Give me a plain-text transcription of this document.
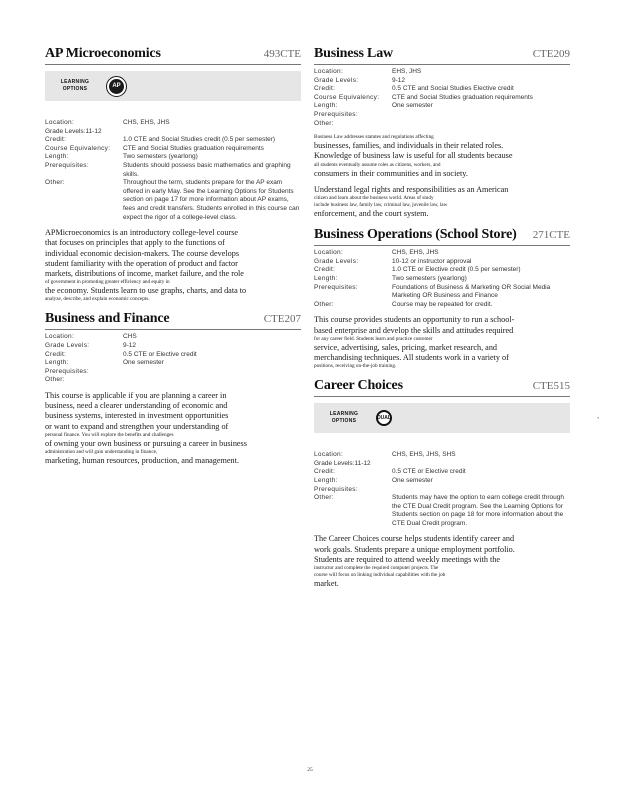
AP Microeconomics	493CTE
LEARNING
OPTIONS	AP
Location:	CHS, EHS, JHS
Grade Levels: 11-12
Credit:	1.0 CTE and Social Studies credit (0.5 per semester)
Course Equivalency:	CTE and Social Studies graduation requirements
Length:	Two semesters (yearlong)
Prerequisites:	Students should possess basic mathematics and graphing skills.
Other:	Throughout the term, students prepare for the AP exam offered in early May. See the Learning Options for Students section on page 17 for more information about AP exams, fees and credit transfers. Students enrolled in this course can expect the rigor of a college-level class.
APMicroeconomics is an introductory college-level course
that focuses on principles that apply to the functions of
individual economic decision-makers. The course develops
student familiarity with the operation of product and factor
markets, distributions of income, market failure, and the role
of government in promoting greater efficiency and equity in
the economy. Students learn to use graphs, charts, and data to
analyze, describe, and explain economic concepts.
Business and Finance	CTE207
Location:	CHS
Grade Levels:	9-12
Credit:	0.5 CTE or Elective credit
Length:	One semester
Prerequisites:
Other:
This course is applicable if you are planning a career in
business, need a clearer understanding of economic and
business systems, interested in investment opportunities
or want to expand and strengthen your understanding of
personal finance. You will explore the benefits and challenges
of owning your own business or pursuing a career in business
administration and will gain understanding in finance,
marketing, human resources, production, and management.
Business Law	CTE209
Location:	EHS, JHS
Grade Levels:	9-12
Credit:	0.5 CTE and Social Studies Elective credit
Course Equivalency:	CTE and Social Studies graduation requirements
Length:	One semester
Prerequisites:
Other:
Business Law addresses statutes and regulations affecting
businesses, families, and individuals in their related roles.
Knowledge of business law is useful for all students because
all students eventually assume roles as citizens, workers, and
consumers in their communities and in society.
Understand legal rights and responsibilities as an American
citizen and learn about the business world. Areas of study
include business law, family law, criminal law, juvenile law, law
enforcement, and the court system.
Business Operations (School Store) 271CTE
Location:	CHS, EHS, JHS
Grade Levels:	10-12 or instructor approval
Credit:	1.0 CTE or Elective credit (0.5 per semester)
Length:	Two semesters (yearlong)
Prerequisites:	Foundations of Business & Marketing OR Social Media Marketing OR Business and Finance
Other:	Course may be repeated for credit.
This course provides students an opportunity to run a school-
based enterprise and develop the skills and attitudes required
for any career field. Students learn and practice customer
service, advertising, sales, pricing, market research, and
merchandising techniques. All students work in a variety of
positions, receiving on-the-job training.
Career Choices	CTE515
LEARNING
OPTIONS	DUAL
Location:	CHS, EHS, JHS, SHS
Grade Levels: 11-12
Credit:	0.5 CTE or Elective credit
Length:	One semester
Prerequisites:
Other:	Students may have the option to earn college credit through the CTE Dual Credit program. See the Learning Options for Students section on page 18 for more information about the CTE Dual Credit program.
The Career Choices course helps students identify career and
work goals. Students prepare a unique employment portfolio.
Students are required to attend weekly meetings with the
instructor and complete the required computer projects. The
course will focus on linking individual capabilities with the job
market.
ˎ
25
